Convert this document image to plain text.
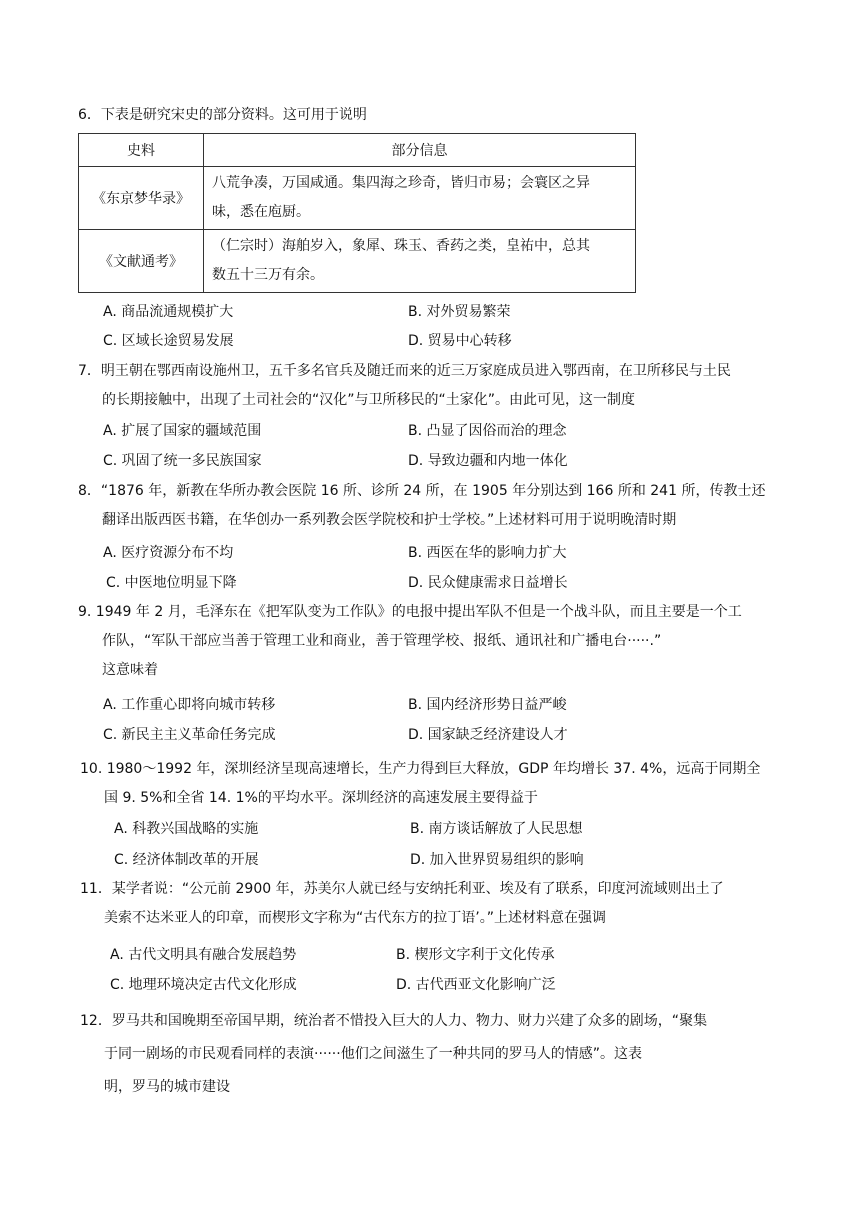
6．下表是研究宋史的部分资料。这可用于说明
史料	部分信息
《东京梦华录》	八荒争凑，万国咸通。集四海之珍奇，皆归市易；会寰区之异
味，悉在庖厨。

《文献通考》	（仁宗时）海舶岁入，象犀、珠玉、香药之类，皇祐中，总其
数五十三万有余。
A. 商品流通规模扩大	B. 对外贸易繁荣
C. 区域长途贸易发展	D. 贸易中心转移
7．明王朝在鄂西南设施州卫，五千多名官兵及随迁而来的近三万家庭成员进入鄂西南，在卫所移民与土民
的长期接触中，出现了土司社会的“汉化”与卫所移民的“土家化”。由此可见，这一制度
A. 扩展了国家的疆域范围	B. 凸显了因俗而治的理念
C. 巩固了统一多民族国家	D. 导致边疆和内地一体化
8．“1876 年，新教在华所办教会医院 16 所、诊所 24 所，在 1905 年分别达到 166 所和 241 所，传教士还
翻译出版西医书籍，在华创办一系列教会医学院校和护士学校。”上述材料可用于说明晚清时期
A. 医疗资源分布不均	B. 西医在华的影响力扩大
C. 中医地位明显下降	D. 民众健康需求日益增长
9. 1949 年 2 月，毛泽东在《把军队变为工作队》的电报中提出军队不但是一个战斗队，而且主要是一个工
作队，“军队干部应当善于管理工业和商业，善于管理学校、报纸、通讯社和广播电台·····.”
这意味着
A. 工作重心即将向城市转移	B. 国内经济形势日益严峻
C. 新民主主义革命任务完成	D. 国家缺乏经济建设人才
10. 1980～1992 年，深圳经济呈现高速增长，生产力得到巨大释放，GDP 年均增长 37. 4%，远高于同期全
国 9. 5%和全省 14. 1%的平均水平。深圳经济的高速发展主要得益于
A. 科教兴国战略的实施	B. 南方谈话解放了人民思想
C. 经济体制改革的开展	D. 加入世界贸易组织的影响
11．某学者说：“公元前 2900 年，苏美尔人就已经与安纳托利亚、埃及有了联系，印度河流域则出土了
美索不达米亚人的印章，而楔形文字称为“古代东方的拉丁语’。”上述材料意在强调
A. 古代文明具有融合发展趋势	B. 楔形文字利于文化传承
C. 地理环境决定古代文化形成	D. 古代西亚文化影响广泛
12．罗马共和国晚期至帝国早期，统治者不惜投入巨大的人力、物力、财力兴建了众多的剧场，“聚集
于同一剧场的市民观看同样的表演······他们之间滋生了一种共同的罗马人的情感”。这表
明，罗马的城市建设
